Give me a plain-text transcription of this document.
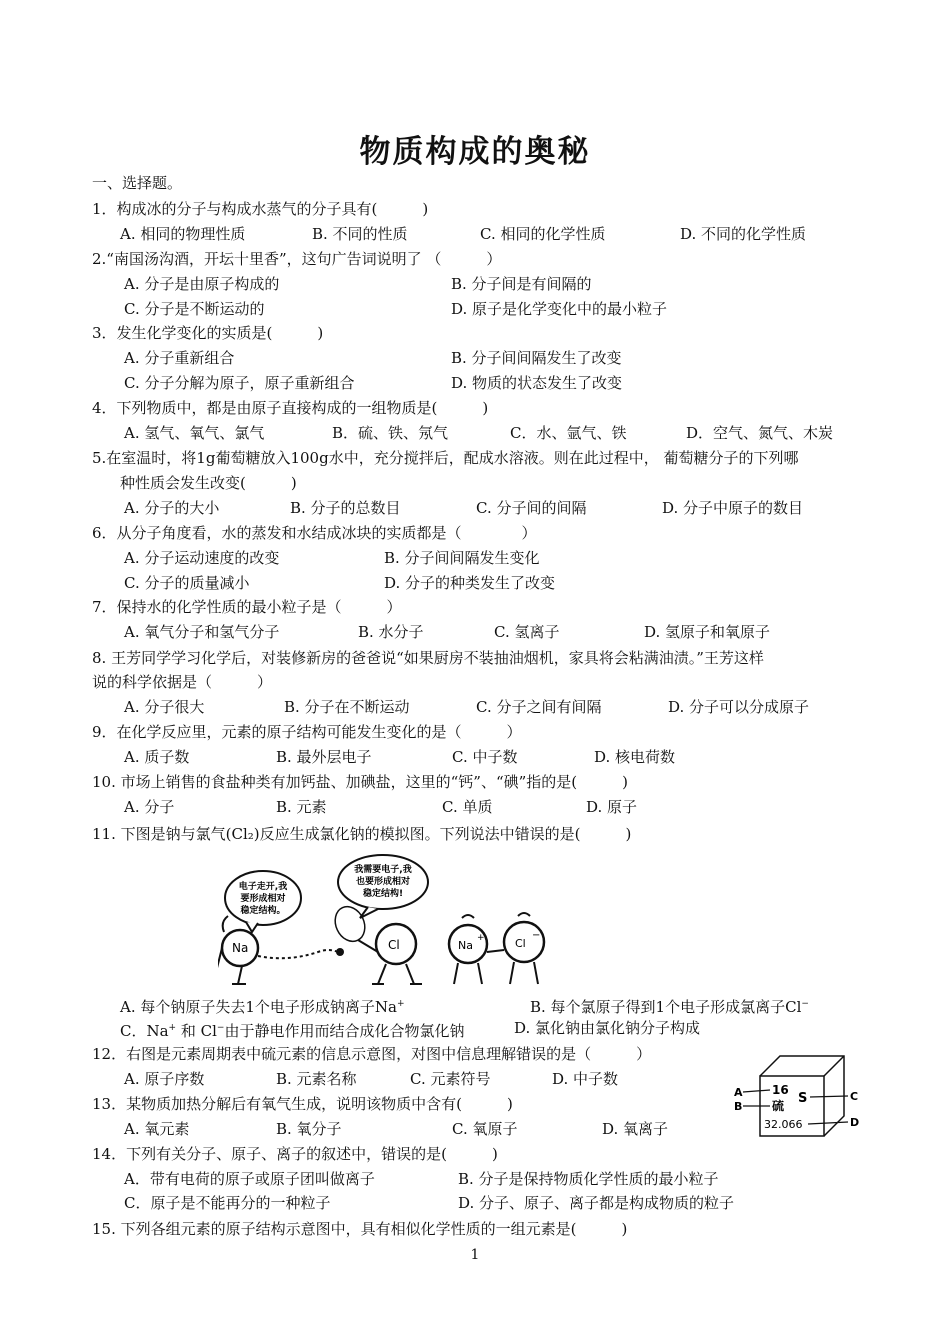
物质构成的奥秘
一、选择题。
1．构成冰的分子与构成水蒸气的分子具有(　　　)
A. 相同的物理性质	B. 不同的性质	C. 相同的化学性质	D. 不同的化学性质
2.“南国汤沟酒，开坛十里香”，这句广告词说明了 （　　　）
A. 分子是由原子构成的	B. 分子间是有间隔的
C. 分子是不断运动的	D. 原子是化学变化中的最小粒子
3．发生化学变化的实质是(　　　)
A. 分子重新组合	B. 分子间间隔发生了改变
C. 分子分解为原子，原子重新组合	D. 物质的状态发生了改变
4．下列物质中，都是由原子直接构成的一组物质是(　　　)
A. 氢气、氧气、氯气	B．硫、铁、氖气	C．水、氩气、铁	D．空气、氮气、木炭
5.在室温时，将1g葡萄糖放入100g水中，充分搅拌后，配成水溶液。则在此过程中， 葡萄糖分子的下列哪
种性质会发生改变(　　　)
A. 分子的大小	B. 分子的总数目	C. 分子间的间隔	D. 分子中原子的数目
6．从分子角度看，水的蒸发和水结成冰块的实质都是（　　　　）
A. 分子运动速度的改变	B. 分子间间隔发生变化
C. 分子的质量减小	D. 分子的种类发生了改变
7．保持水的化学性质的最小粒子是（　　　）
A. 氧气分子和氢气分子	B. 水分子	C. 氢离子	D. 氢原子和氧原子
8. 王芳同学学习化学后，对装修新房的爸爸说“如果厨房不装抽油烟机，家具将会粘满油渍。”王芳这样
说的科学依据是（　　　）
A. 分子很大	B. 分子在不断运动	C. 分子之间有间隔	D. 分子可以分成原子
9．在化学反应里，元素的原子结构可能发生变化的是（　　　）
A. 质子数	B. 最外层电子	C. 中子数	D. 核电荷数
10. 市场上销售的食盐种类有加钙盐、加碘盐，这里的“钙”、“碘”指的是(　　　)
A. 分子	B. 元素	C. 单质	D. 原子
11. 下图是钠与氯气(Cl₂)反应生成氯化钠的模拟图。下列说法中错误的是(　　　)
电子走开,我
要形成相对
稳定结构。
我需要电子,我
也要形成相对
稳定结构!
Na	Cl	Na
+	Cl
−
A. 每个钠原子失去1个电子形成钠离子Na+	B. 每个氯原子得到1个电子形成氯离子Cl−
C．Na+ 和 Cl−由于静电作用而结合成化合物氯化钠	D. 氯化钠由氯化钠分子构成
12．右图是元素周期表中硫元素的信息示意图，对图中信息理解错误的是（　　　）
A. 原子序数	B. 元素名称	C. 元素符号	D. 中子数
16
S
硫
32.066
A
B
C
D
13．某物质加热分解后有氧气生成，说明该物质中含有(　　　)
A. 氧元素	B. 氧分子	C. 氧原子	D. 氧离子
14．下列有关分子、原子、离子的叙述中，错误的是(　　　)
A．带有电荷的原子或原子团叫做离子	B. 分子是保持物质化学性质的最小粒子
C．原子是不能再分的一种粒子	D. 分子、原子、离子都是构成物质的粒子
15. 下列各组元素的原子结构示意图中，具有相似化学性质的一组元素是(　　　)
1
